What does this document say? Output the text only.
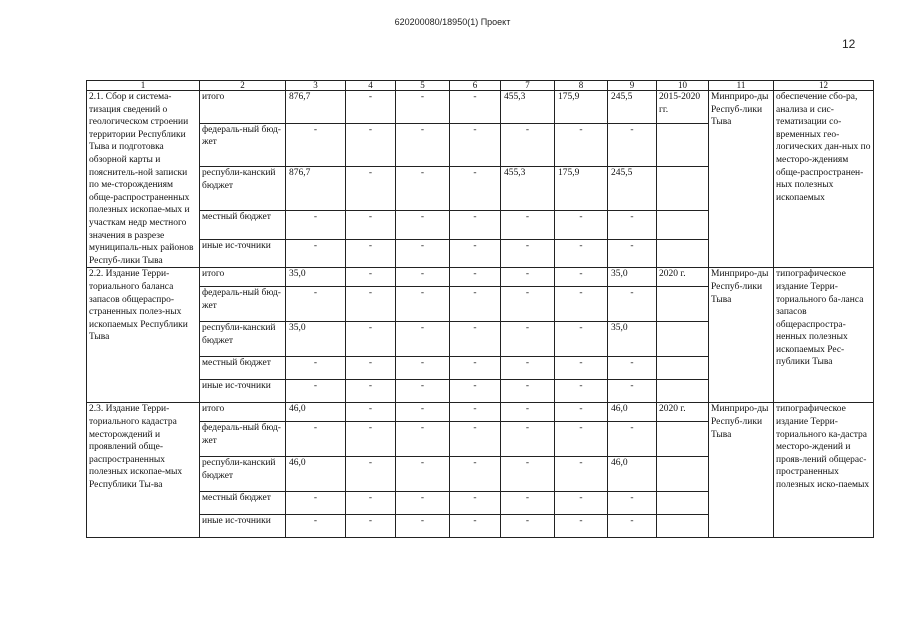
620200080/18950(1) Проект
12
1	2	3	4	5	6	7	8	9	10	11	12
2.1. Сбор и система-тизация сведений о геологическом строении территории Республики Тыва и подготовка обзорной карты и пояснитель-ной записки по ме-сторождениям обще-распространенных полезных ископае-мых и участкам недр местного значения в разрезе муниципаль-ных районов Респуб-лики Тыва	итого	876,7	-	-	-	455,3	175,9	245,5	2015-2020 гг.	Минприро-ды Респуб-лики Тыва	обеспечение сбо-ра, анализа и сис-тематизации со-временных гео-логических дан-ных по месторо-ждениям обще-распространен-ных полезных ископаемых
	федераль-ный бюд-жет	-	-	-	-	-	-	-			
	республи-канский бюджет	876,7	-	-	-	455,3	175,9	245,5			
	местный бюджет	-	-	-	-	-	-	-			
	иные ис-точники	-	-	-	-	-	-	-			
2.2. Издание Терри-ториального баланса запасов общераспро-страненных полез-ных ископаемых Республики Тыва	итого	35,0	-	-	-	-	-	35,0	2020 г.	Минприро-ды Респуб-лики Тыва	типографическое издание Терри-ториального ба-ланса запасов общераспростра-ненных полезных ископаемых Рес-публики Тыва
	федераль-ный бюд-жет	-	-	-	-	-	-	-			
	республи-канский бюджет	35,0	-	-	-	-	-	35,0			
	местный бюджет	-	-	-	-	-	-	-			
	иные ис-точники	-	-	-	-	-	-	-			
2.3. Издание Терри-ториального кадастра месторождений и проявлений обще-распространенных полезных ископае-мых Республики Ты-ва	итого	46,0	-	-	-	-	-	46,0	2020 г.	Минприро-ды Респуб-лики Тыва	типографическое издание Терри-ториального ка-дастра месторо-ждений и прояв-лений общерас-пространенных полезных иско-паемых
	федераль-ный бюд-жет	-	-	-	-	-	-	-			
	республи-канский бюджет	46,0	-	-	-	-	-	46,0			
	местный бюджет	-	-	-	-	-	-	-			
	иные ис-точники	-	-	-	-	-	-	-			
